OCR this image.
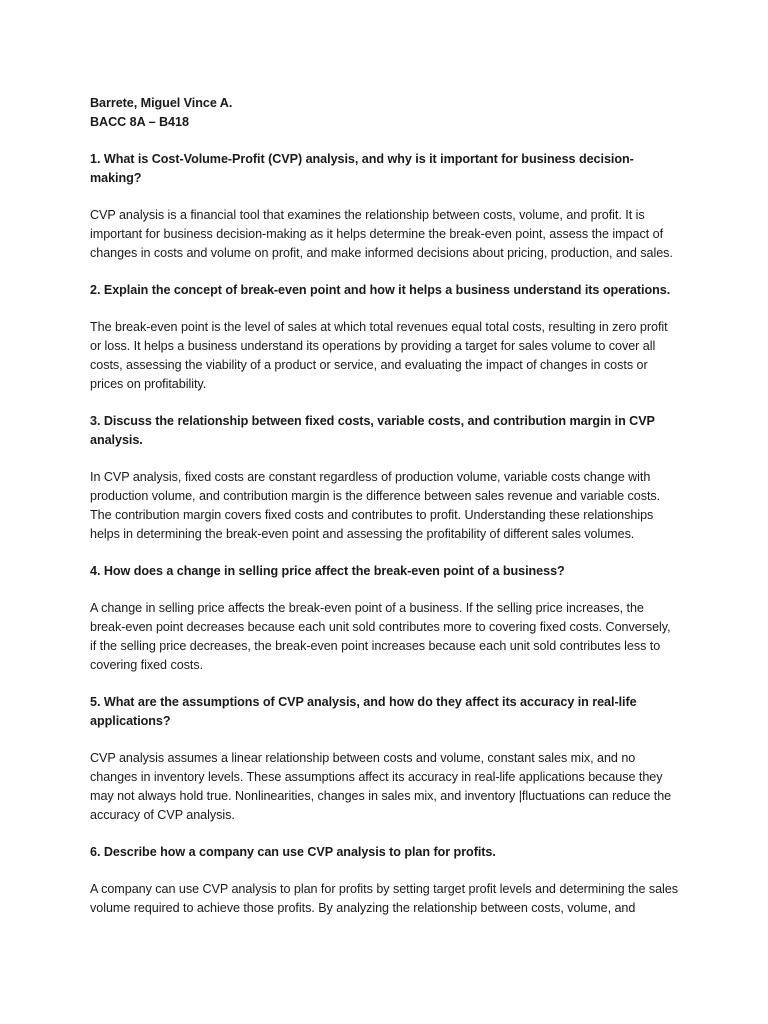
Barrete, Miguel Vince A.

BACC 8A – B418

1. What is Cost-Volume-Profit (CVP) analysis, and why is it important for business decision-making?

CVP analysis is a financial tool that examines the relationship between costs, volume, and profit. It is important for business decision-making as it helps determine the break-even point, assess the impact of changes in costs and volume on profit, and make informed decisions about pricing, production, and sales.

2. Explain the concept of break-even point and how it helps a business understand its operations.

The break-even point is the level of sales at which total revenues equal total costs, resulting in zero profit or loss. It helps a business understand its operations by providing a target for sales volume to cover all costs, assessing the viability of a product or service, and evaluating the impact of changes in costs or prices on profitability.

3. Discuss the relationship between fixed costs, variable costs, and contribution margin in CVP analysis.

In CVP analysis, fixed costs are constant regardless of production volume, variable costs change with production volume, and contribution margin is the difference between sales revenue and variable costs. The contribution margin covers fixed costs and contributes to profit. Understanding these relationships helps in determining the break-even point and assessing the profitability of different sales volumes.

4. How does a change in selling price affect the break-even point of a business?

A change in selling price affects the break-even point of a business. If the selling price increases, the break-even point decreases because each unit sold contributes more to covering fixed costs. Conversely, if the selling price decreases, the break-even point increases because each unit sold contributes less to covering fixed costs.

5. What are the assumptions of CVP analysis, and how do they affect its accuracy in real-life applications?

CVP analysis assumes a linear relationship between costs and volume, constant sales mix, and no changes in inventory levels. These assumptions affect its accuracy in real-life applications because they may not always hold true. Nonlinearities, changes in sales mix, and inventory |fluctuations can reduce the accuracy of CVP analysis.

6. Describe how a company can use CVP analysis to plan for profits.

A company can use CVP analysis to plan for profits by setting target profit levels and determining the sales volume required to achieve those profits. By analyzing the relationship between costs, volume, and
